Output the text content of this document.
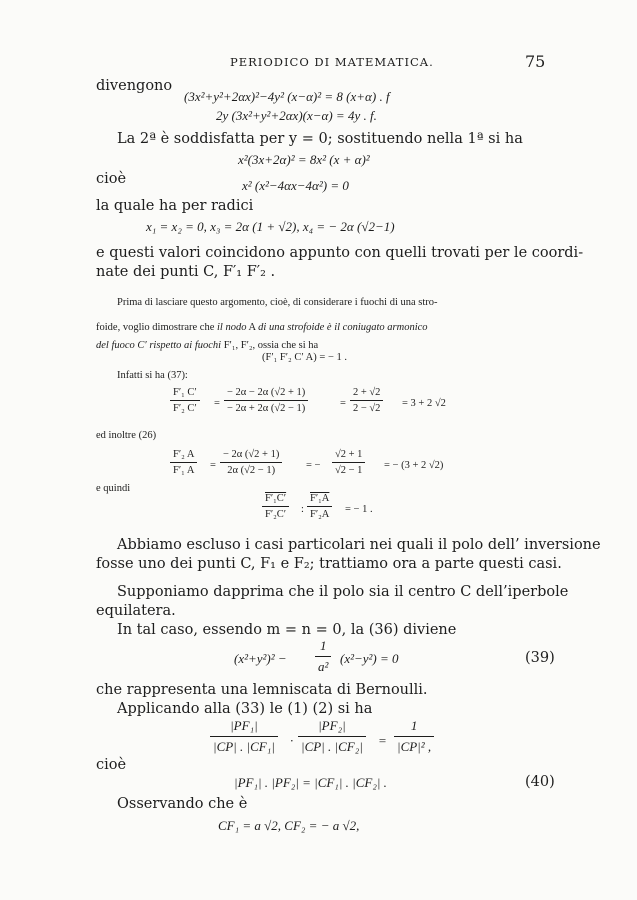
PERIODICO DI MATEMATICA.	75
divengono
(3x²+y²+2αx)²−4y² (x−α)² = 8 (x+α) . f
2y (3x²+y²+2αx)(x−α) = 4y . f.
La 2ª è soddisfatta per y = 0; sostituendo nella 1ª si ha
x²(3x+2α)² = 8x² (x + α)²
cioè	x² (x²−4αx−4α²) = 0
la quale ha per radici
x₁ = x₂ = 0, x₃ = 2α (1 + √2), x₄ = − 2α (√2−1)
e questi valori coincidono appunto con quelli trovati per le coordi-
nate dei punti C, F′₁ F′₂ .
Prima di lasciare questo argomento, cioè, di considerare i fuochi di una stro-
foide, voglio dimostrare che il nodo A di una strofoide è il coniugato armonico
del fuoco C′ rispetto ai fuochi F′₁, F′₂, ossia che si ha
(F′₁ F′₂ C′ A) = − 1 .
Infatti si ha (37):
F′₁ C′
F′₂ C′ =
− 2α − 2α (√2 + 1)
− 2α + 2α (√2 − 1)	=
2 + √2
2 − √2 = 3 + 2 √2
ed inoltre (26)
F′₂ A
F′₁ A =
− 2α (√2 + 1)
2α (√2 − 1)	= −
√2 + 1
√2 − 1 = − (3 + 2 √2)
e quindi
F′₁C′
F′₂C′ :
F′₁A
F′₂A = − 1 .
Abbiamo escluso i casi particolari nei quali il polo dell’ inversione
fosse uno dei punti C, F₁ e F₂; trattiamo ora a parte questi casi.
Supponiamo dapprima che il polo sia il centro C dell’iperbole
equilatera.
In tal caso, essendo m = n = 0, la (36) diviene
(x²+y²)² −
1
a²
(x²−y²) = 0	(39)
che rappresenta una lemniscata di Bernoulli.
Applicando alla (33) le (1) (2) si ha
|PF₁|
|CP| . |CF₁| ·
|PF₂|
|CP| . |CF₂| =
1
|CP|² ,
cioè
|PF₁| . |PF₂| = |CF₁| . |CF₂| .	(40)
Osservando che è
CF₁ = a √2, CF₂ = − a √2,
